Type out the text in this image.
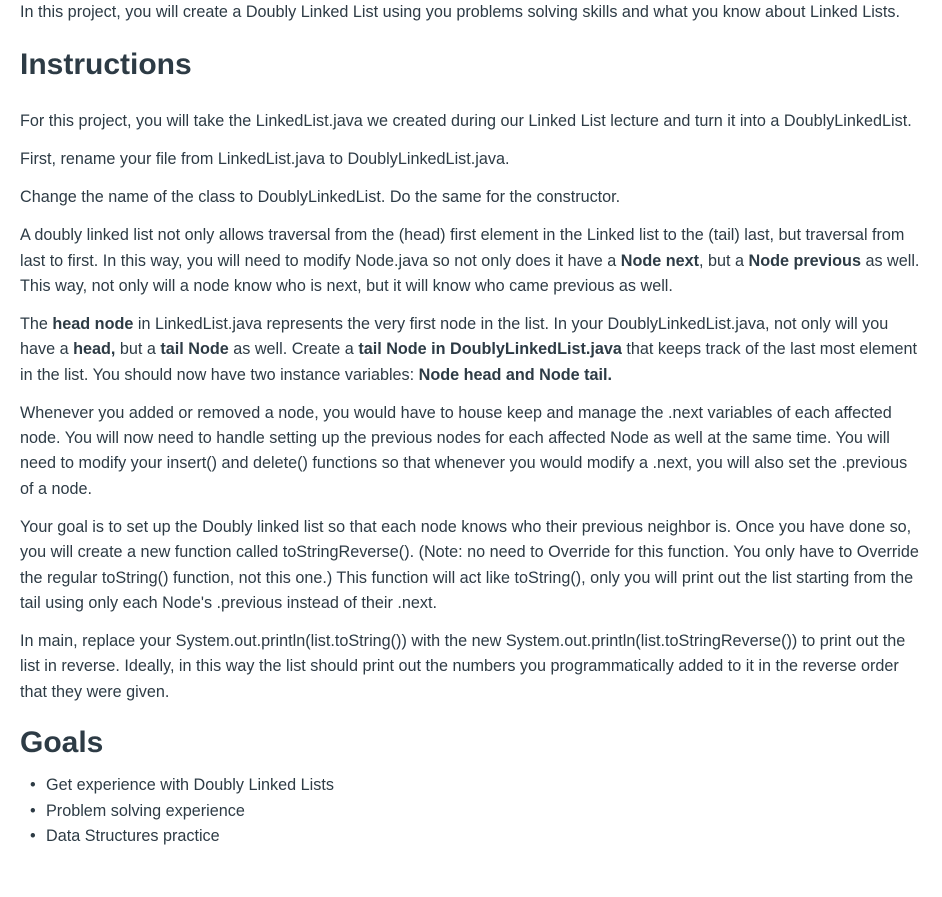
In this project, you will create a Doubly Linked List using you problems solving skills and what you know about Linked Lists.

Instructions

For this project, you will take the LinkedList.java we created during our Linked List lecture and turn it into a DoublyLinkedList.

First, rename your file from LinkedList.java to DoublyLinkedList.java.

Change the name of the class to DoublyLinkedList. Do the same for the constructor.

A doubly linked list not only allows traversal from the (head) first element in the Linked list to the (tail) last, but traversal from last to first. In this way, you will need to modify Node.java so not only does it have a Node next, but a Node previous as well. This way, not only will a node know who is next, but it will know who came previous as well.

The head node in LinkedList.java represents the very first node in the list. In your DoublyLinkedList.java, not only will you have a head, but a tail Node as well. Create a tail Node in DoublyLinkedList.java that keeps track of the last most element in the list. You should now have two instance variables: Node head and Node tail.

Whenever you added or removed a node, you would have to house keep and manage the .next variables of each affected node. You will now need to handle setting up the previous nodes for each affected Node as well at the same time. You will need to modify your insert() and delete() functions so that whenever you would modify a .next, you will also set the .previous of a node.

Your goal is to set up the Doubly linked list so that each node knows who their previous neighbor is. Once you have done so, you will create a new function called toStringReverse(). (Note: no need to Override for this function. You only have to Override the regular toString() function, not this one.) This function will act like toString(), only you will print out the list starting from the tail using only each Node's .previous instead of their .next.

In main, replace your System.out.println(list.toString()) with the new System.out.println(list.toStringReverse()) to print out the list in reverse. Ideally, in this way the list should print out the numbers you programmatically added to it in the reverse order that they were given.

Goals
• Get experience with Doubly Linked Lists
• Problem solving experience
• Data Structures practice
